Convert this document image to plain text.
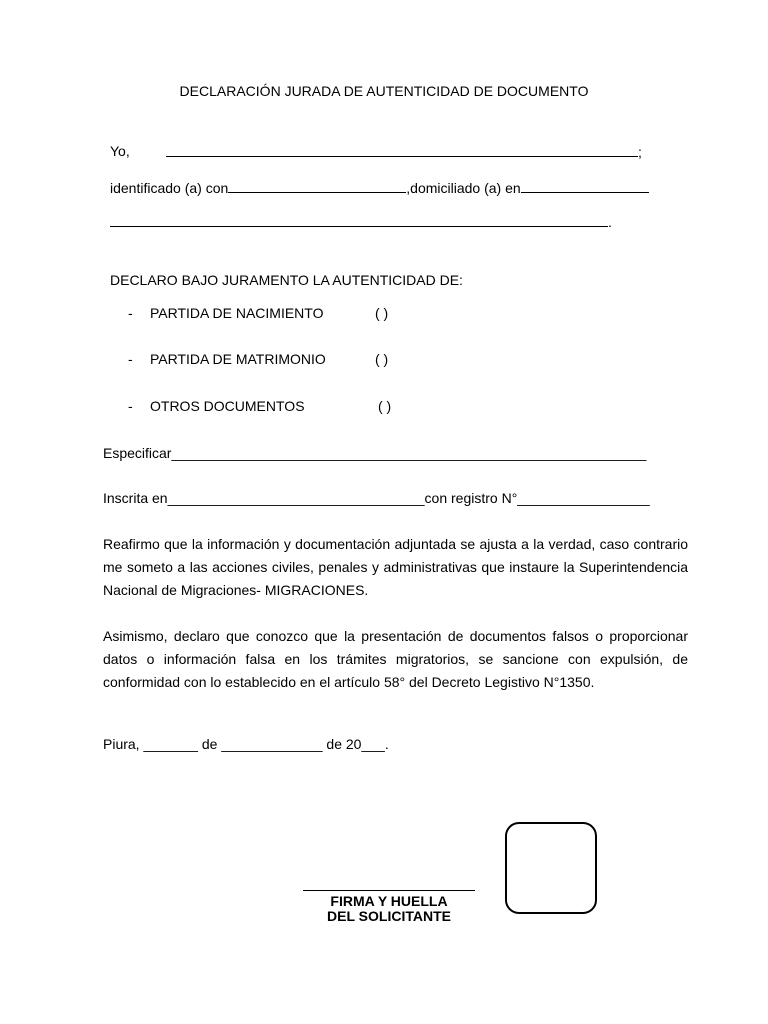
DECLARACIÓN JURADA DE AUTENTICIDAD DE DOCUMENTO
Yo,	;
identificado (a) con	,domiciliado (a) en
.
DECLARO BAJO JURAMENTO LA AUTENTICIDAD DE:
- PARTIDA DE NACIMIENTO	( )
- PARTIDA DE MATRIMONIO	( )
- OTROS DOCUMENTOS	( )
Especificar_____________________________________________________________
Inscrita en_________________________________con registro N°_________________
Reafirmo que la información y documentación adjuntada se ajusta a la verdad, caso contrario me someto a las acciones civiles, penales y administrativas que instaure la Superintendencia Nacional de Migraciones- MIGRACIONES.
Asimismo, declaro que conozco que la presentación de documentos falsos o proporcionar datos o información falsa en los trámites migratorios, se sancione con expulsión, de conformidad con lo establecido en el artículo 58° del Decreto Legistivo N°1350.
Piura, _______ de _____________ de 20___.
FIRMA Y HUELLA
DEL SOLICITANTE
